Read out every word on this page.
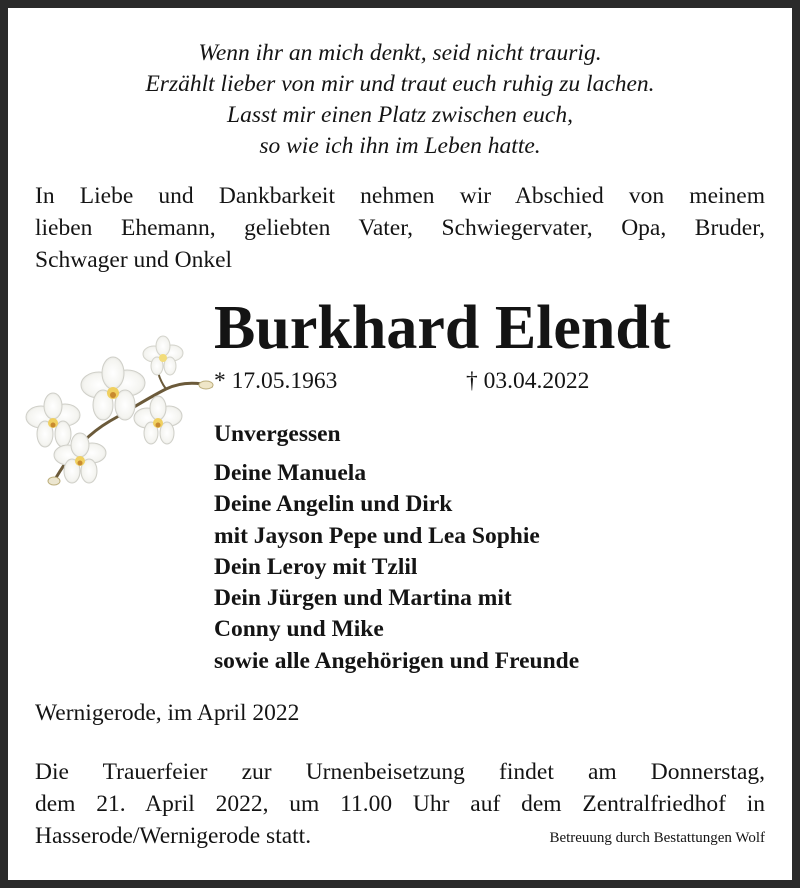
Wenn ihr an mich denkt, seid nicht traurig.
Erzählt lieber von mir und traut euch ruhig zu lachen.
Lasst mir einen Platz zwischen euch,
so wie ich ihn im Leben hatte.
In Liebe und Dankbarkeit nehmen wir Abschied von meinem
lieben Ehemann, geliebten Vater, Schwiegervater, Opa, Bruder,
Schwager und Onkel
Burkhard Elendt
* 17.05.1963	† 03.04.2022
Unvergessen
Deine Manuela
Deine Angelin und Dirk
mit Jayson Pepe und Lea Sophie
Dein Leroy mit Tzlil
Dein Jürgen und Martina mit
Conny und Mike
sowie alle Angehörigen und Freunde
Wernigerode, im April 2022
Die Trauerfeier zur Urnenbeisetzung findet am Donnerstag,
dem 21. April 2022, um 11.00 Uhr auf dem Zentralfriedhof in
Hasserode/Wernigerode statt.	Betreuung durch Bestattungen Wolf
